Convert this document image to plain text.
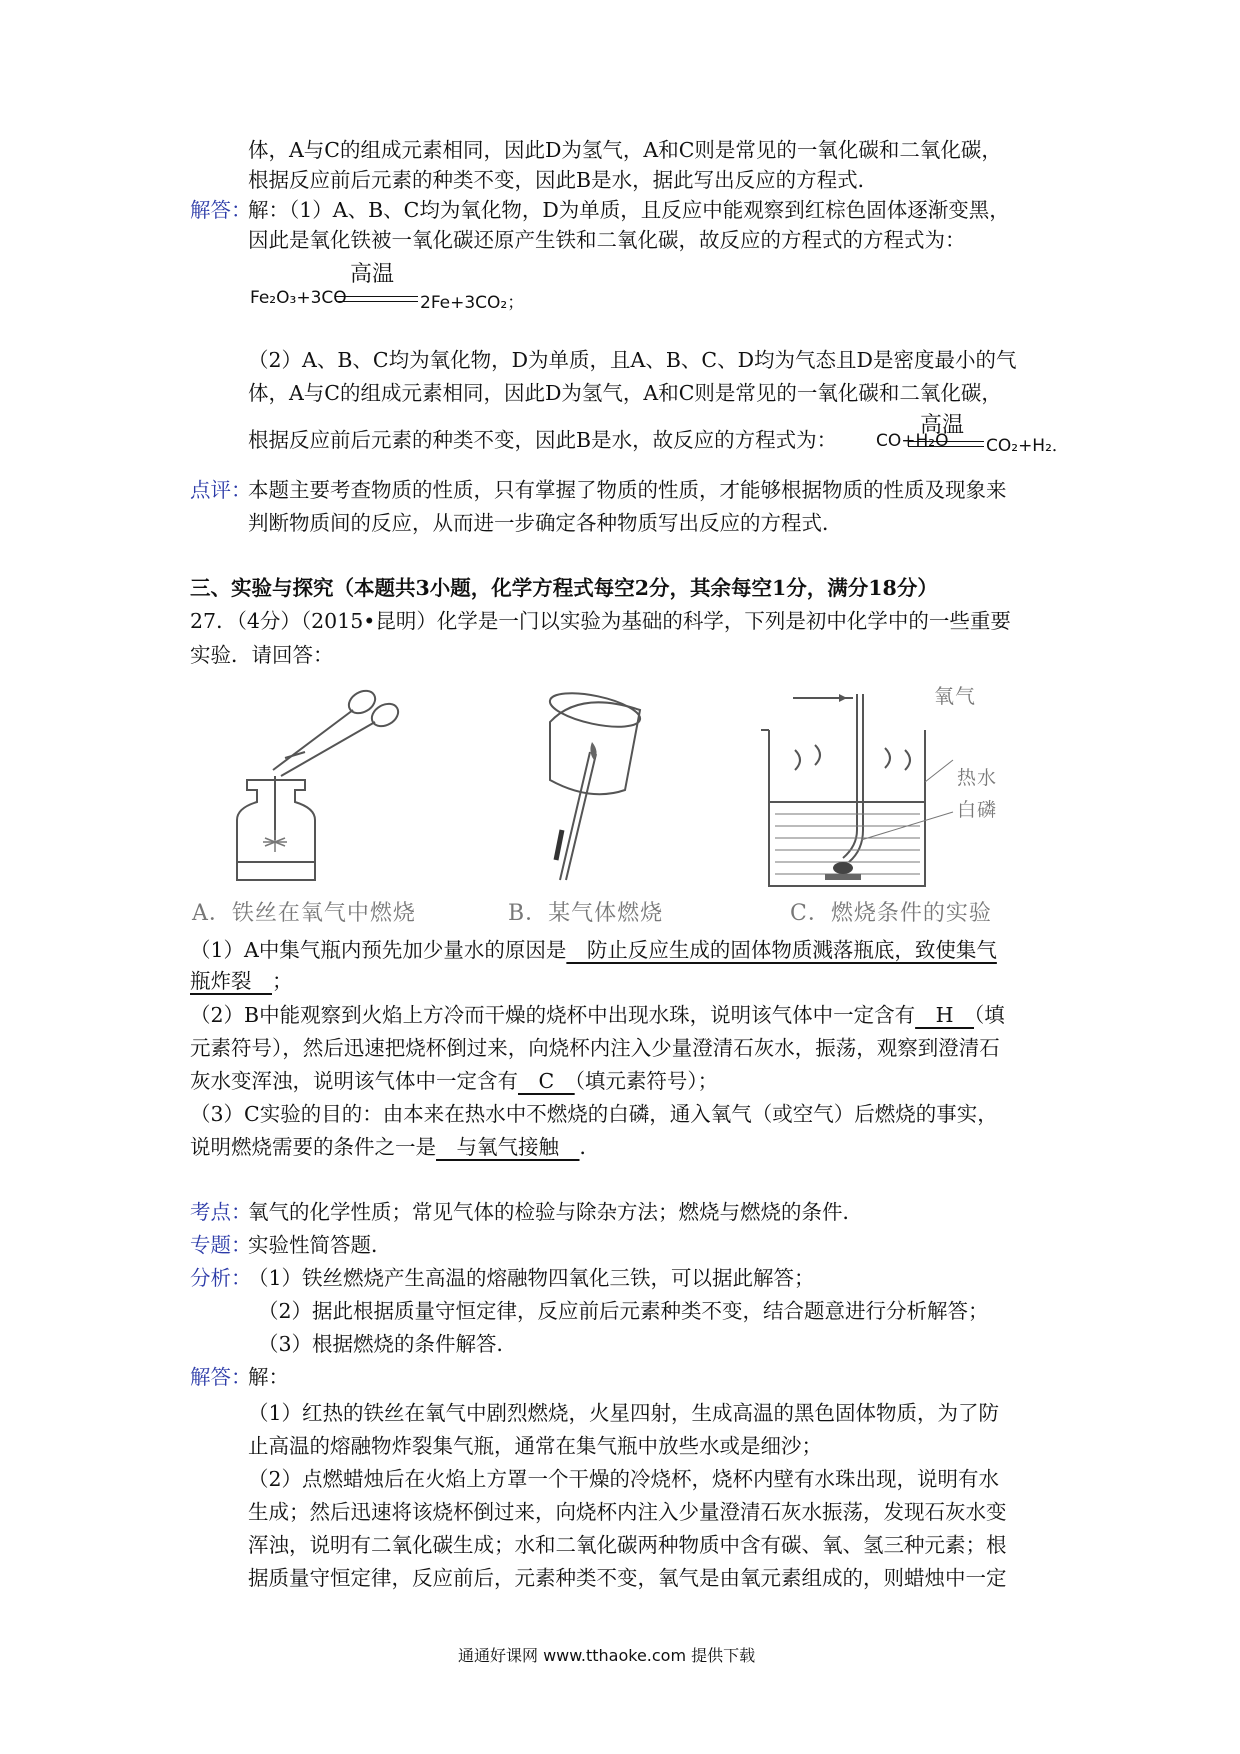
体，A与C的组成元素相同，因此D为氢气，A和C则是常见的一氧化碳和二氧化碳，
根据反应前后元素的种类不变，因此B是水，据此写出反应的方程式．
解答：
解：（1）A、B、C均为氧化物，D为单质，且反应中能观察到红棕色固体逐渐变黑，
因此是氧化铁被一氧化碳还原产生铁和二氧化碳，故反应的方程式的方程式为：
Fe₂O₃+3CO
高温
2Fe+3CO₂；
（2）A、B、C均为氧化物，D为单质，且A、B、C、D均为气态且D是密度最小的气
体，A与C的组成元素相同，因此D为氢气，A和C则是常见的一氧化碳和二氧化碳，
根据反应前后元素的种类不变，因此B是水，故反应的方程式为： CO+H₂O
高温
CO₂+H₂．
点评：
本题主要考查物质的性质，只有掌握了物质的性质，才能够根据物质的性质及现象来
判断物质间的反应，从而进一步确定各种物质写出反应的方程式．
三、实验与探究（本题共3小题，化学方程式每空2分，其余每空1分，满分18分）
27．（4分）（2015•昆明）化学是一门以实验为基础的科学，下列是初中化学中的一些重要
实验．请回答：
氧气
热水
白磷
A．铁丝在氧气中燃烧	B．某气体燃烧	C．燃烧条件的实验
（1）A中集气瓶内预先加少量水的原因是　防止反应生成的固体物质溅落瓶底，致使集气
瓶炸裂　；
（2）B中能观察到火焰上方冷而干燥的烧杯中出现水珠，说明该气体中一定含有　H　（填
元素符号），然后迅速把烧杯倒过来，向烧杯内注入少量澄清石灰水，振荡，观察到澄清石
灰水变浑浊，说明该气体中一定含有　C　（填元素符号）；
（3）C实验的目的：由本来在热水中不燃烧的白磷，通入氧气（或空气）后燃烧的事实，
说明燃烧需要的条件之一是　与氧气接触　．
考点：
氧气的化学性质；常见气体的检验与除杂方法；燃烧与燃烧的条件．
专题：
实验性简答题．
分析：
（1）铁丝燃烧产生高温的熔融物四氧化三铁，可以据此解答；
（2）据此根据质量守恒定律，反应前后元素种类不变，结合题意进行分析解答；
（3）根据燃烧的条件解答．
解答：
解：
（1）红热的铁丝在氧气中剧烈燃烧，火星四射，生成高温的黑色固体物质，为了防
止高温的熔融物炸裂集气瓶，通常在集气瓶中放些水或是细沙；
（2）点燃蜡烛后在火焰上方罩一个干燥的冷烧杯，烧杯内壁有水珠出现，说明有水
生成；然后迅速将该烧杯倒过来，向烧杯内注入少量澄清石灰水振荡，发现石灰水变
浑浊，说明有二氧化碳生成；水和二氧化碳两种物质中含有碳、氧、氢三种元素；根
据质量守恒定律，反应前后，元素种类不变，氧气是由氧元素组成的，则蜡烛中一定
通通好课网 www.tthaoke.com 提供下载
